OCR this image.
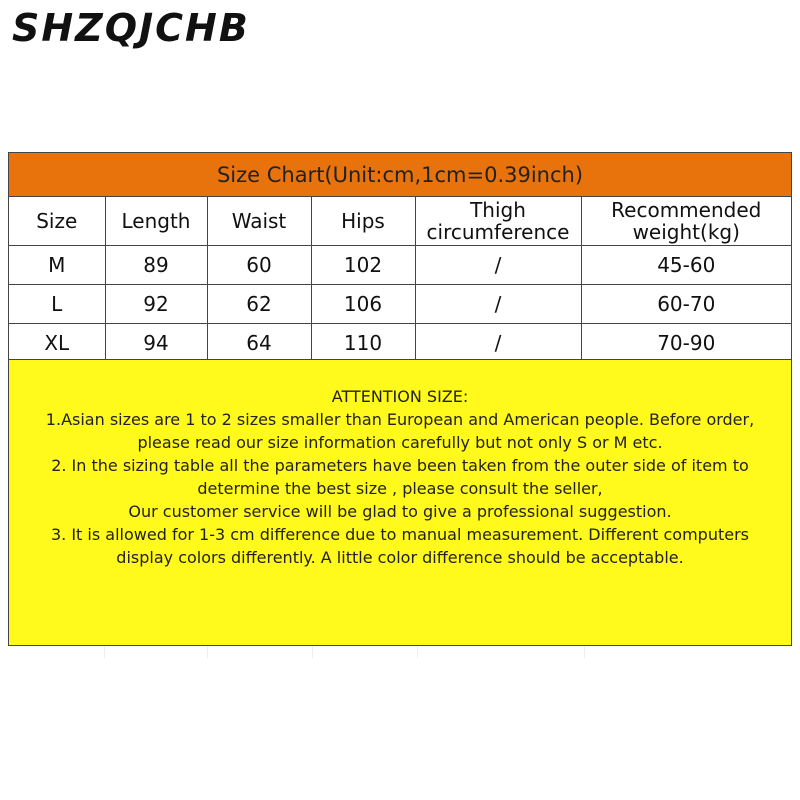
SHZQJCHB
Size Chart(Unit:cm,1cm=0.39inch)
Size	Length	Waist	Hips	Thigh circumference	Recommended weight(kg)
M	89	60	102	/	45-60
L	92	62	106	/	60-70
XL	94	64	110	/	70-90
ATTENTION SIZE:
1.Asian sizes are 1 to 2 sizes smaller than European and American people. Before order,
please read our size information carefully but not only S or M etc.
2. In the sizing table all the parameters have been taken from the outer side of item to determine the best size , please consult the seller,
Our customer service will be glad to give a professional suggestion.
3. It is allowed for 1-3 cm difference due to manual measurement. Different computers display colors differently. A little color difference should be acceptable.
